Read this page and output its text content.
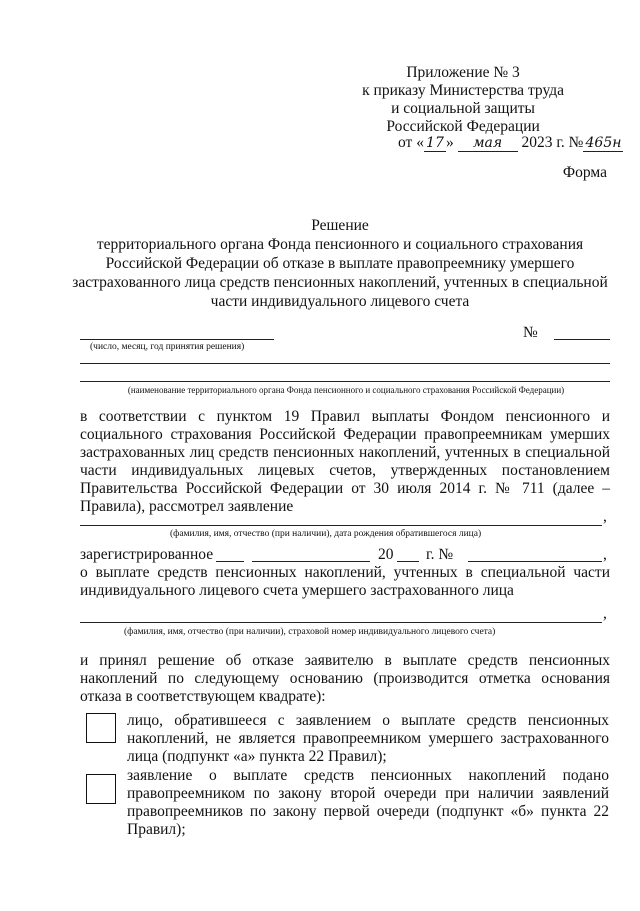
Приложение № 3
к приказу Министерства труда
и социальной защиты
Российской Федерации
от « 17 » мая 2023 г. № 465н
Форма
Решение
территориального органа Фонда пенсионного и социального страхования
Российской Федерации об отказе в выплате правопреемнику умершего
застрахованного лица средств пенсионных накоплений, учтенных в специальной
части индивидуального лицевого счета
№
(число, месяц, год принятия решения)
(наименование территориального органа Фонда пенсионного и социального страхования Российской Федерации)
в соответствии с пунктом 19 Правил выплаты Фондом пенсионного и социального страхования Российской Федерации правопреемникам умерших застрахованных лиц средств пенсионных накоплений, учтенных в специальной части индивидуальных лицевых счетов, утвержденных постановлением Правительства Российской Федерации от 30 июля 2014 г. № 711 (далее – Правила), рассмотрел заявление
,
(фамилия, имя, отчество (при наличии), дата рождения обратившегося лица)
зарегистрированное	20 г. №	,
о выплате средств пенсионных накоплений, учтенных в специальной части индивидуального лицевого счета умершего застрахованного лица
,
(фамилия, имя, отчество (при наличии), страховой номер индивидуального лицевого счета)
и принял решение об отказе заявителю в выплате средств пенсионных накоплений по следующему основанию (производится отметка основания отказа в соответствующем квадрате):
лицо, обратившееся с заявлением о выплате средств пенсионных накоплений, не является правопреемником умершего застрахованного лица (подпункт «а» пункта 22 Правил);
заявление о выплате средств пенсионных накоплений подано правопреемником по закону второй очереди при наличии заявлений правопреемников по закону первой очереди (подпункт «б» пункта 22 Правил);
